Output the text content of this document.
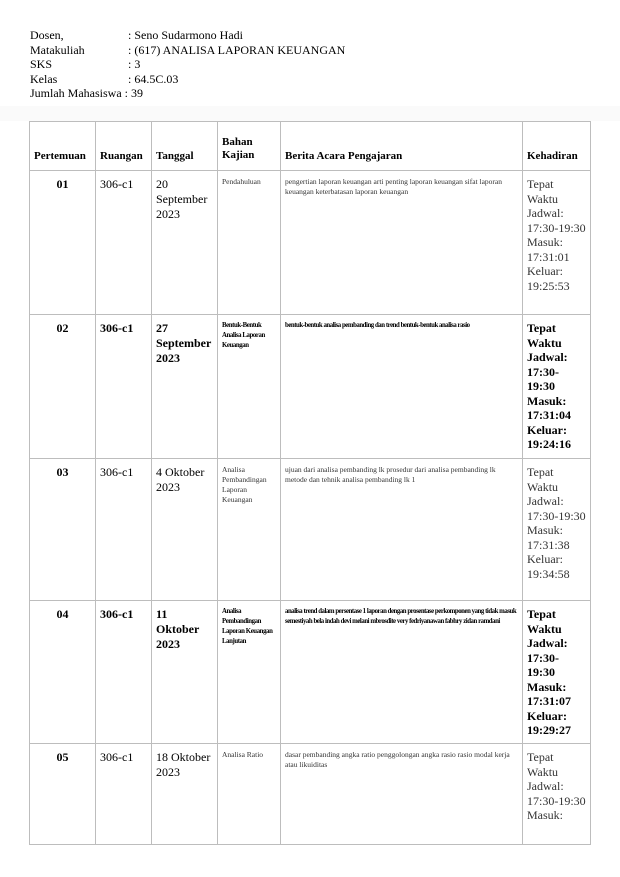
Dosen,	: Seno Sudarmono Hadi
Matakuliah	: (617) ANALISA LAPORAN KEUANGAN
SKS	: 3
Kelas	: 64.5C.03
Jumlah Mahasiswa : 39
Pertemuan	Ruangan	Tanggal	Bahan Kajian	Berita Acara Pengajaran	Kehadiran
01	306-c1	20 September 2023	Pendahuluan	pengertian laporan keuangan arti penting laporan keuangan sifat laporan keuangan keterbatasan laporan keuangan	Tepat Waktu Jadwal: 17:30-19:30 Masuk: 17:31:01 Keluar: 19:25:53
02	306-c1	27 September 2023	Bentuk-Bentuk Analisa Laporan Keuangan	bentuk-bentuk analisa pembanding dan trend bentuk-bentuk analisa rasio	Tepat Waktu Jadwal: 17:30-19:30 Masuk: 17:31:04 Keluar: 19:24:16
03	306-c1	4 Oktober 2023	Analisa Pembandingan Laporan Keuangan	ujuan dari analisa pembanding lk prosedur dari analisa pembanding lk metode dan tehnik analisa pembanding lk 1	Tepat Waktu Jadwal: 17:30-19:30 Masuk: 17:31:38 Keluar: 19:34:58
04	306-c1	11 Oktober 2023	Analisa Pembandingan Laporan Keuangan Lanjutan	analisa trend dalam persentase 1 laporan dengan prosentase perkomponen yang tidak masuk semestiyah bela indah devi melani mbrosdite very fedriyanawan fabhry zidan ramdani	Tepat Waktu Jadwal: 17:30-19:30 Masuk: 17:31:07 Keluar: 19:29:27
05	306-c1	18 Oktober 2023	Analisa Ratio	dasar pembanding angka ratio penggolongan angka rasio rasio modal kerja atau likuiditas	Tepat Waktu Jadwal: 17:30-19:30 Masuk:
